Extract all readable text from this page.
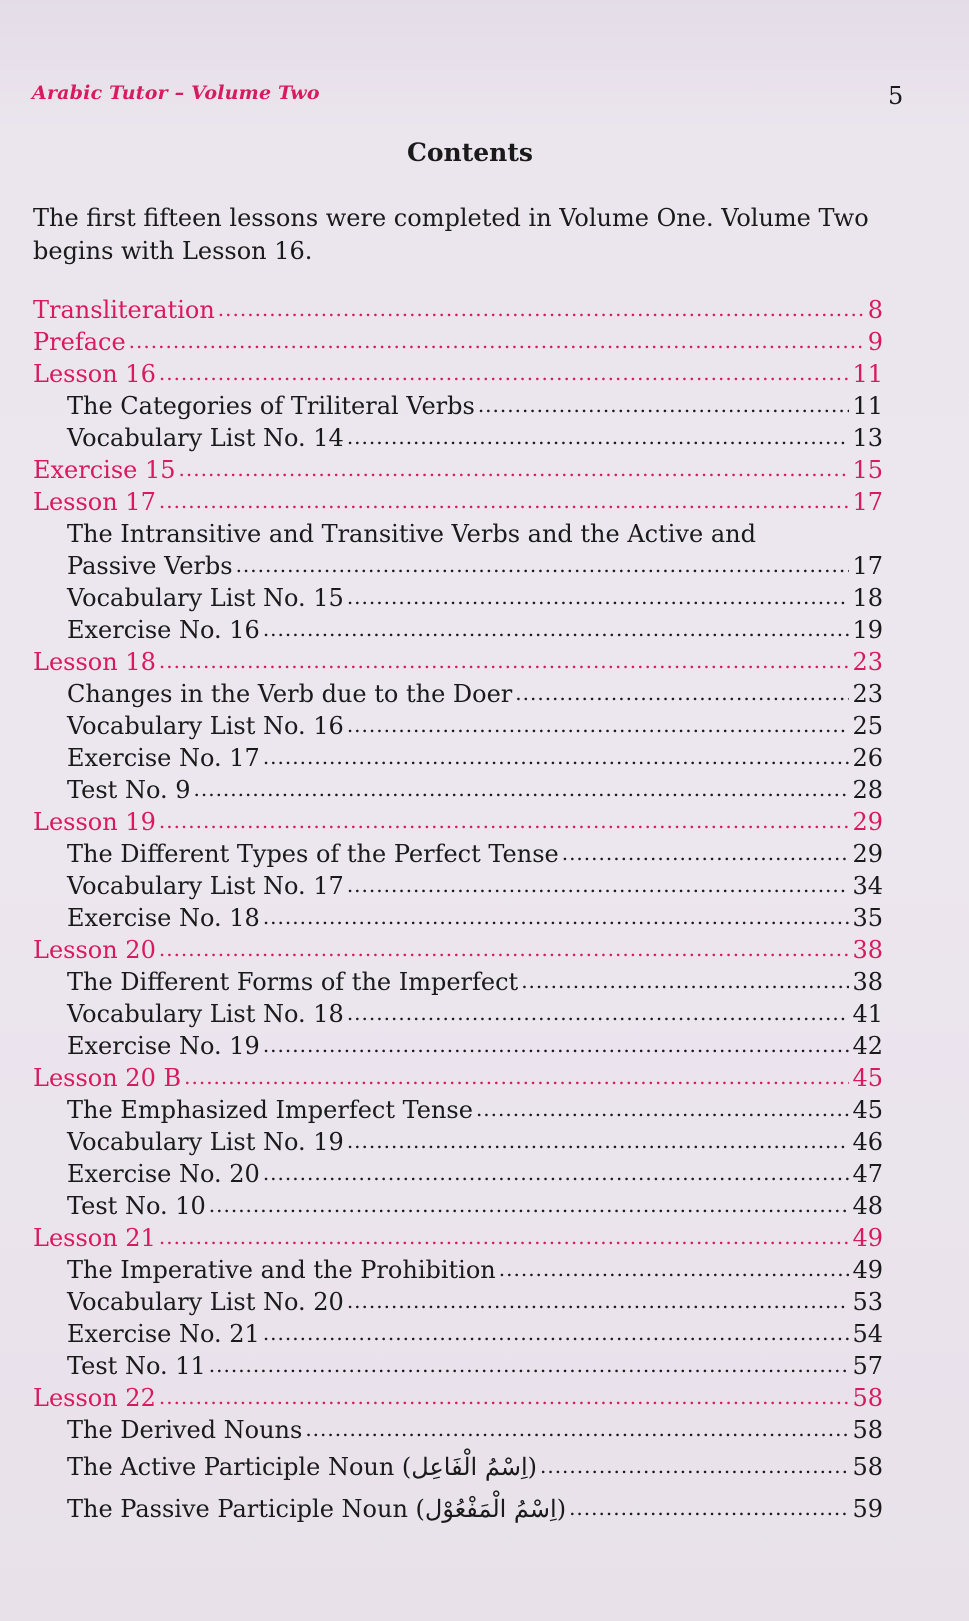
Arabic Tutor – Volume Two	5
Contents
The first fifteen lessons were completed in Volume One. Volume Two begins with Lesson 16.
Transliteration .....	8
Preface .....	9
Lesson 16 .....	11
The Categories of Triliteral Verbs .....	11
Vocabulary List No. 14 .....	13
Exercise 15 .....	15
Lesson 17 .....	17
The Intransitive and Transitive Verbs and the Active and
Passive Verbs .....	17
Vocabulary List No. 15 .....	18
Exercise No. 16 .....	19
Lesson 18 .....	23
Changes in the Verb due to the Doer .....	23
Vocabulary List No. 16 .....	25
Exercise No. 17 .....	26
Test No. 9 .....	28
Lesson 19 .....	29
The Different Types of the Perfect Tense .....	29
Vocabulary List No. 17 .....	34
Exercise No. 18 .....	35
Lesson 20 .....	38
The Different Forms of the Imperfect .....	38
Vocabulary List No. 18 .....	41
Exercise No. 19 .....	42
Lesson 20 B .....	45
The Emphasized Imperfect Tense .....	45
Vocabulary List No. 19 .....	46
Exercise No. 20 .....	47
Test No. 10 .....	48
Lesson 21 .....	49
The Imperative and the Prohibition .....	49
Vocabulary List No. 20 .....	53
Exercise No. 21 .....	54
Test No. 11 .....	57
Lesson 22 .....	58
The Derived Nouns .....	58
The Active Participle Noun (اِسْمُ الْفَاعِل) .....	58
The Passive Participle Noun (اِسْمُ الْمَفْعُوْل) .....	59
